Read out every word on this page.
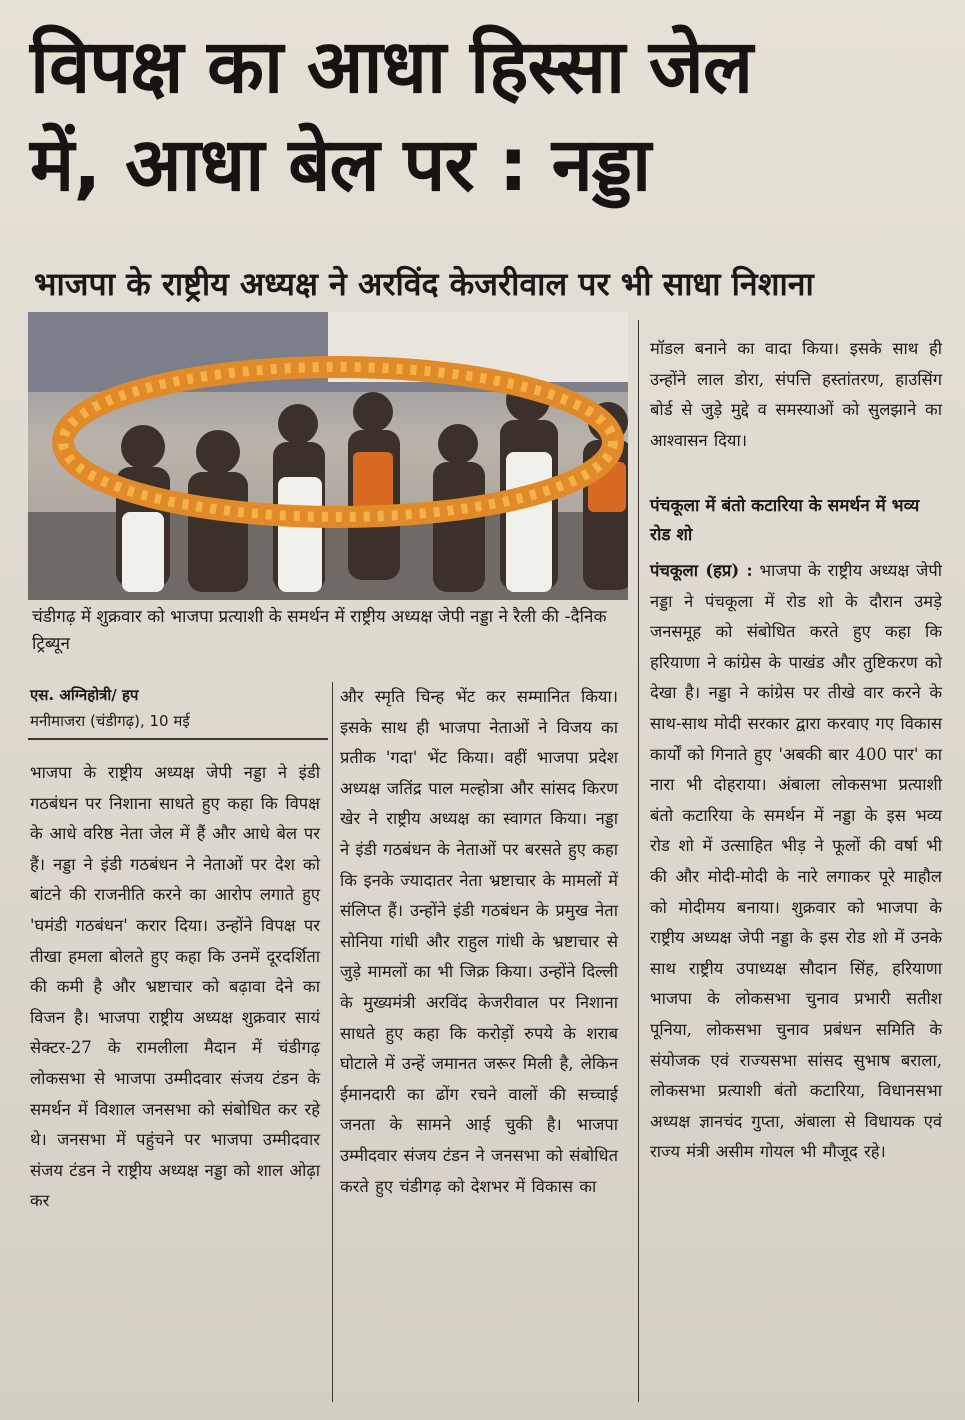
विपक्ष का आधा हिस्सा जेल
में, आधा बेल पर : नड्डा
भाजपा के राष्ट्रीय अध्यक्ष ने अरविंद केजरीवाल पर भी साधा निशाना
चंडीगढ़ में शुक्रवार को भाजपा प्रत्याशी के समर्थन में राष्ट्रीय अध्यक्ष जेपी नड्डा ने रैली की -दैनिक ट्रिब्यून
एस. अग्निहोत्री/ हप
मनीमाजरा (चंडीगढ़), 10 मई

भाजपा के राष्ट्रीय अध्यक्ष जेपी नड्डा ने इंडी गठबंधन पर निशाना साधते हुए कहा कि विपक्ष के आधे वरिष्ठ नेता जेल में हैं और आधे बेल पर हैं। नड्डा ने इंडी गठबंधन ने नेताओं पर देश को बांटने की राजनीति करने का आरोप लगाते हुए 'घमंडी गठबंधन' करार दिया। उन्होंने विपक्ष पर तीखा हमला बोलते हुए कहा कि उनमें दूरदर्शिता की कमी है और भ्रष्टाचार को बढ़ावा देने का विजन है। भाजपा राष्ट्रीय अध्यक्ष शुक्रवार सायं सेक्टर-27 के रामलीला मैदान में चंडीगढ़ लोकसभा से भाजपा उम्मीदवार संजय टंडन के समर्थन में विशाल जनसभा को संबोधित कर रहे थे। जनसभा में पहुंचने पर भाजपा उम्मीदवार संजय टंडन ने राष्ट्रीय अध्यक्ष नड्डा को शाल ओढ़ा कर

और स्मृति चिन्ह भेंट कर सम्मानित किया। इसके साथ ही भाजपा नेताओं ने विजय का प्रतीक 'गदा' भेंट किया। वहीं भाजपा प्रदेश अध्यक्ष जतिंद्र पाल मल्होत्रा और सांसद किरण खेर ने राष्ट्रीय अध्यक्ष का स्वागत किया। नड्डा ने इंडी गठबंधन के नेताओं पर बरसते हुए कहा कि इनके ज्यादातर नेता भ्रष्टाचार के मामलों में संलिप्त हैं। उन्होंने इंडी गठबंधन के प्रमुख नेता सोनिया गांधी और राहुल गांधी के भ्रष्टाचार से जुड़े मामलों का भी जिक्र किया। उन्होंने दिल्ली के मुख्यमंत्री अरविंद केजरीवाल पर निशाना साधते हुए कहा कि करोड़ों रुपये के शराब घोटाले में उन्हें जमानत जरूर मिली है, लेकिन ईमानदारी का ढोंग रचने वालों की सच्चाई जनता के सामने आई चुकी है। भाजपा उम्मीदवार संजय टंडन ने जनसभा को संबोधित करते हुए चंडीगढ़ को देशभर में विकास का

मॉडल बनाने का वादा किया। इसके साथ ही उन्होंने लाल डोरा, संपत्ति हस्तांतरण, हाउसिंग बोर्ड से जुड़े मुद्दे व समस्याओं को सुलझाने का आश्वासन दिया।

पंचकूला में बंतो कटारिया के समर्थन में भव्य रोड शो

पंचकूला (हप्र) : भाजपा के राष्ट्रीय अध्यक्ष जेपी नड्डा ने पंचकूला में रोड शो के दौरान उमड़े जनसमूह को संबोधित करते हुए कहा कि हरियाणा ने कांग्रेस के पाखंड और तुष्टिकरण को देखा है। नड्डा ने कांग्रेस पर तीखे वार करने के साथ-साथ मोदी सरकार द्वारा करवाए गए विकास कार्यों को गिनाते हुए 'अबकी बार 400 पार' का नारा भी दोहराया। अंबाला लोकसभा प्रत्याशी बंतो कटारिया के समर्थन में नड्डा के इस भव्य रोड शो में उत्साहित भीड़ ने फूलों की वर्षा भी की और मोदी-मोदी के नारे लगाकर पूरे माहौल को मोदीमय बनाया। शुक्रवार को भाजपा के राष्ट्रीय अध्यक्ष जेपी नड्डा के इस रोड शो में उनके साथ राष्ट्रीय उपाध्यक्ष सौदान सिंह, हरियाणा भाजपा के लोकसभा चुनाव प्रभारी सतीश पूनिया, लोकसभा चुनाव प्रबंधन समिति के संयोजक एवं राज्यसभा सांसद सुभाष बराला, लोकसभा प्रत्याशी बंतो कटारिया, विधानसभा अध्यक्ष ज्ञानचंद गुप्ता, अंबाला से विधायक एवं राज्य मंत्री असीम गोयल भी मौजूद रहे।
